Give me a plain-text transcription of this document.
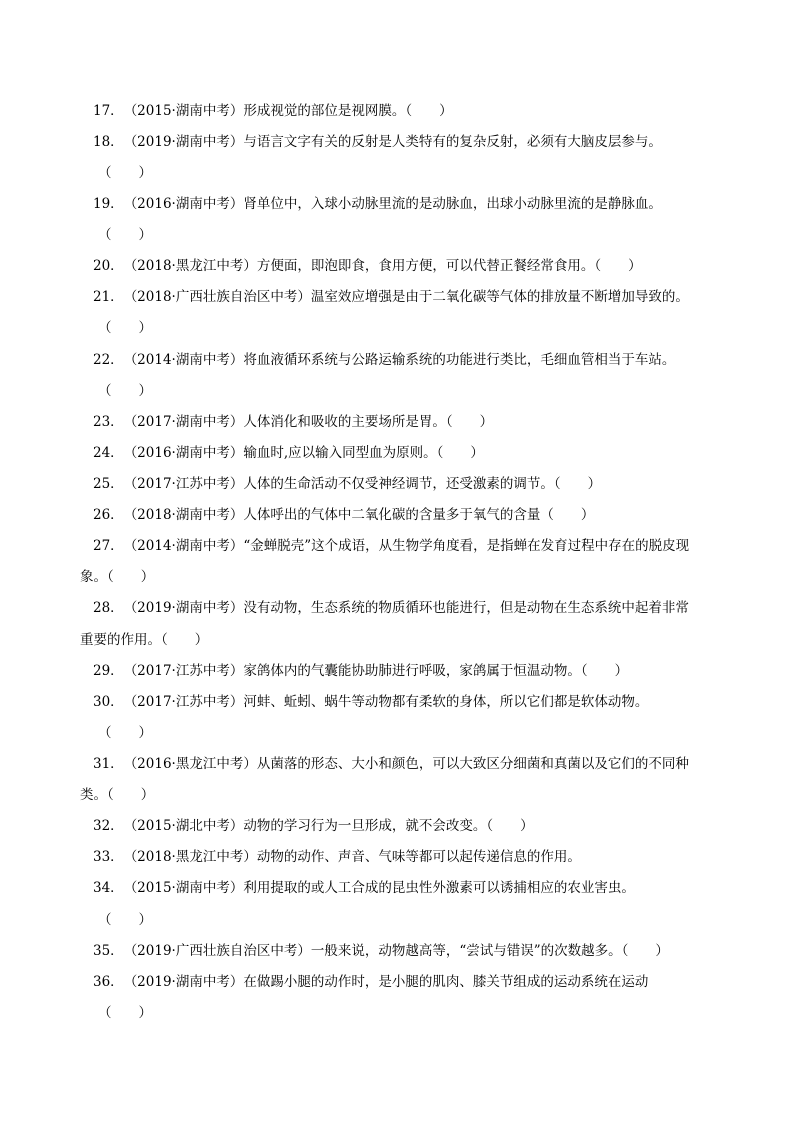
17．（2015·湖南中考）形成视觉的部位是视网膜。（　　）
18．（2019·湖南中考）与语言文字有关的反射是人类特有的复杂反射，必须有大脑皮层参与。
（　　）
19．（2016·湖南中考）肾单位中，入球小动脉里流的是动脉血，出球小动脉里流的是静脉血。
（　　）
20．（2018·黑龙江中考）方便面，即泡即食，食用方便，可以代替正餐经常食用。（　　）
21．（2018·广西壮族自治区中考）温室效应增强是由于二氧化碳等气体的排放量不断增加导致的。
（　　）
22．（2014·湖南中考）将血液循环系统与公路运输系统的功能进行类比，毛细血管相当于车站。
（　　）
23．（2017·湖南中考）人体消化和吸收的主要场所是胃。（　　）
24．（2016·湖南中考）输血时,应以输入同型血为原则。（　　）
25．（2017·江苏中考）人体的生命活动不仅受神经调节，还受激素的调节。（　　）
26．（2018·湖南中考）人体呼出的气体中二氧化碳的含量多于氧气的含量（　　）
27．（2014·湖南中考）“金蝉脱壳”这个成语，从生物学角度看，是指蝉在发育过程中存在的脱皮现
象。（　　）
28．（2019·湖南中考）没有动物，生态系统的物质循环也能进行，但是动物在生态系统中起着非常
重要的作用。（　　）
29．（2017·江苏中考）家鸽体内的气囊能协助肺进行呼吸，家鸽属于恒温动物。（　　）
30．（2017·江苏中考）河蚌、蚯蚓、蜗牛等动物都有柔软的身体，所以它们都是软体动物。
（　　）
31．（2016·黑龙江中考）从菌落的形态、大小和颜色，可以大致区分细菌和真菌以及它们的不同种
类。（　　）
32．（2015·湖北中考）动物的学习行为一旦形成，就不会改变。（　　）
33．（2018·黑龙江中考）动物的动作、声音、气味等都可以起传递信息的作用。
34．（2015·湖南中考）利用提取的或人工合成的昆虫性外激素可以诱捕相应的农业害虫。
（　　）
35．（2019·广西壮族自治区中考）一般来说，动物越高等，“尝试与错误”的次数越多。（　　）
36．（2019·湖南中考）在做踢小腿的动作时，是小腿的肌肉、膝关节组成的运动系统在运动
（　　）
